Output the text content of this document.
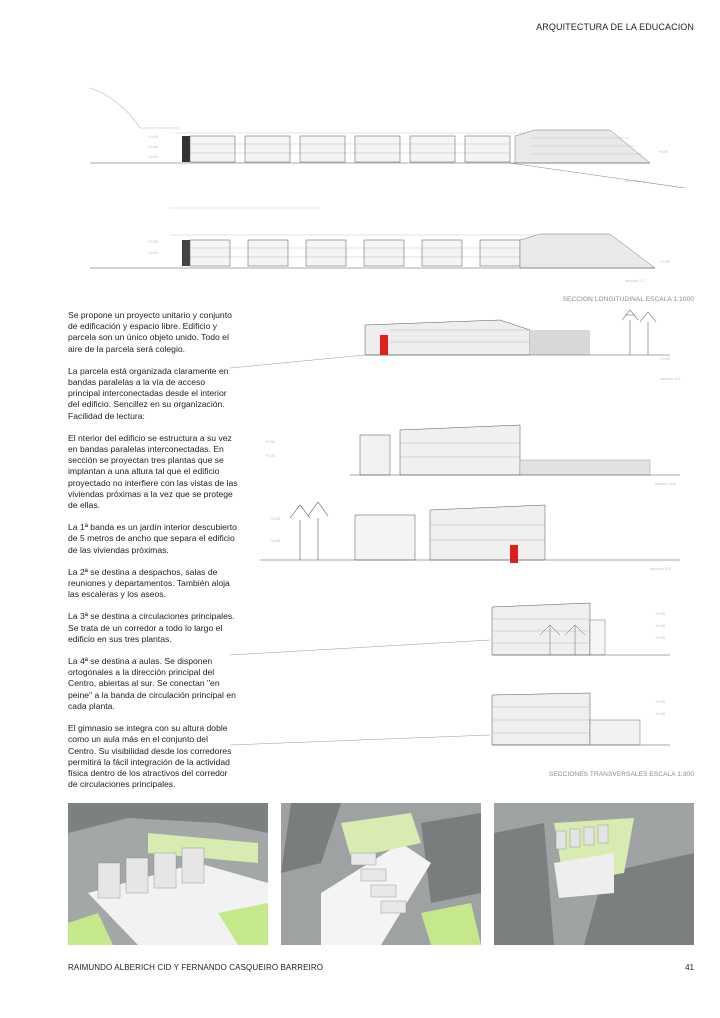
ARQUITECTURA DE LA EDUCACION
+0.00
+0.00
+0.00
+0.00
seccion 1-1
+0.00
+0.00
+0.00
seccion 2-2
SECCION LONGITUDINAL ESCALA 1:1000
+0.00
seccion 3-3
+0.00
+0.00
seccion 4-4
+0.00
+0.00
seccion 5-5
+0.00
+0.00
+0.00
+0.00
+0.00
SECCIONES TRANSVERSALES ESCALA 1:300

Se propone un proyecto unitario y conjunto de edificación y espacio libre. Edificio y parcela son un único objeto unido. Todo el aire de la parcela será colegio.

La parcela está organizada claramente en bandas paralelas a la vía de acceso principal interconectadas desde el interior del edificio. Sencillez en su organización. Facilidad de lectura:

El nterior del edificio se estructura a su vez en bandas paralelas interconectadas. En sección se proyectan tres plantas que se implantan a una altura tal que el edificio proyectado no interfiere con las vistas de las viviendas próximas a la vez que se protege de ellas.

La 1ª banda es un jardín interior descubierto de 5 metros de ancho que separa el edificio de las viviendas próximas.

La 2ª se destina a despachos, salas de reuniones y departamentos. También aloja las escaleras y los aseos.

La 3ª se destina a circulaciones principales. Se trata de un corredor a todo lo largo el edificio en sus tres plantas.

La 4ª se destina a aulas. Se disponen ortogonales a la dirección principal del Centro, abiertas al sur. Se conectan "en peine" a la banda de circulación principal en cada planta.

El gimnasio se integra con su altura doble como un aula más en el conjunto del Centro. Su visibilidad desde los corredores permitirá la fácil integración de la actividad física dentro de los atractivos del corredor de circulaciones principales.

RAIMUNDO ALBERICH CID Y FERNANDO CASQUEIRO BARREIRO	41
